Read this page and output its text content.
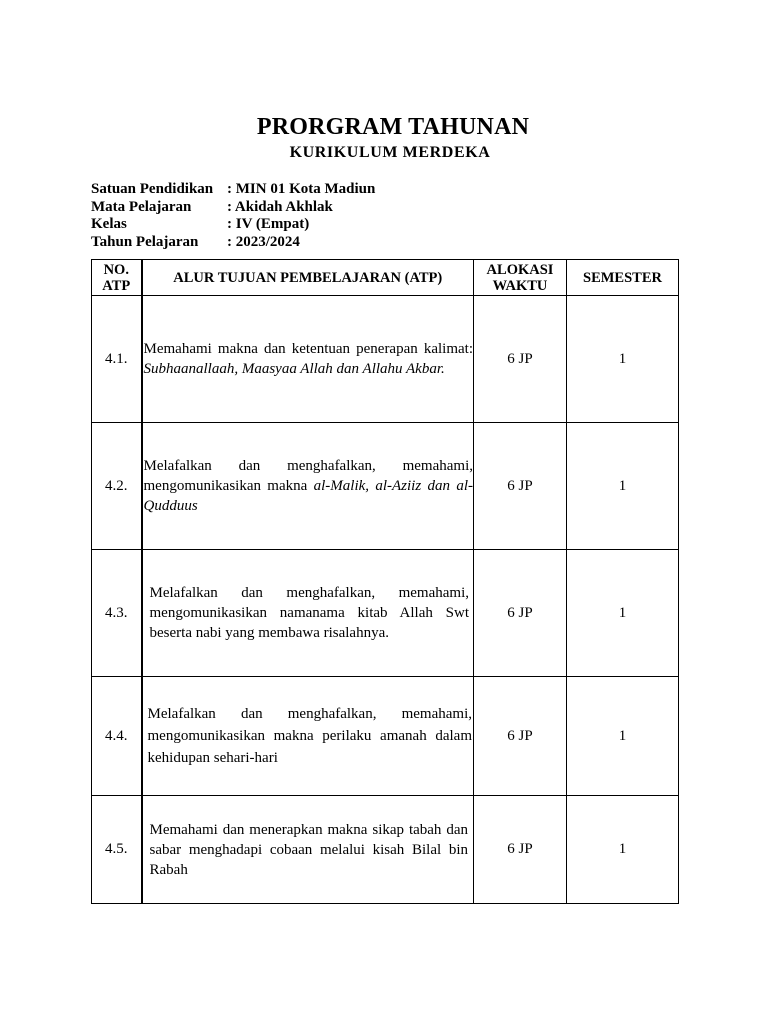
PRORGRAM TAHUNAN
KURIKULUM MERDEKA
Satuan Pendidikan : MIN 01 Kota Madiun
Mata Pelajaran	: Akidah Akhlak
Kelas	: IV (Empat)
Tahun Pelajaran	: 2023/2024
NO. ATP	ALUR TUJUAN PEMBELAJARAN (ATP)	ALOKASI WAKTU	SEMESTER
4.1.	Memahami makna dan ketentuan penerapan kalimat: Subhaanallaah, Maasyaa Allah dan Allahu Akbar.	6 JP	1
4.2.	Melafalkan dan menghafalkan, memahami, mengomunikasikan makna al-Malik, al-Aziiz dan al-Qudduus	6 JP	1
4.3.	Melafalkan dan menghafalkan, memahami, mengomunikasikan namanama kitab Allah Swt beserta nabi yang membawa risalahnya.	6 JP	1
4.4.	Melafalkan dan menghafalkan, memahami, mengomunikasikan makna perilaku amanah dalam kehidupan sehari-hari	6 JP	1
4.5.	Memahami dan menerapkan makna sikap tabah dan sabar menghadapi cobaan melalui kisah Bilal bin Rabah	6 JP	1
